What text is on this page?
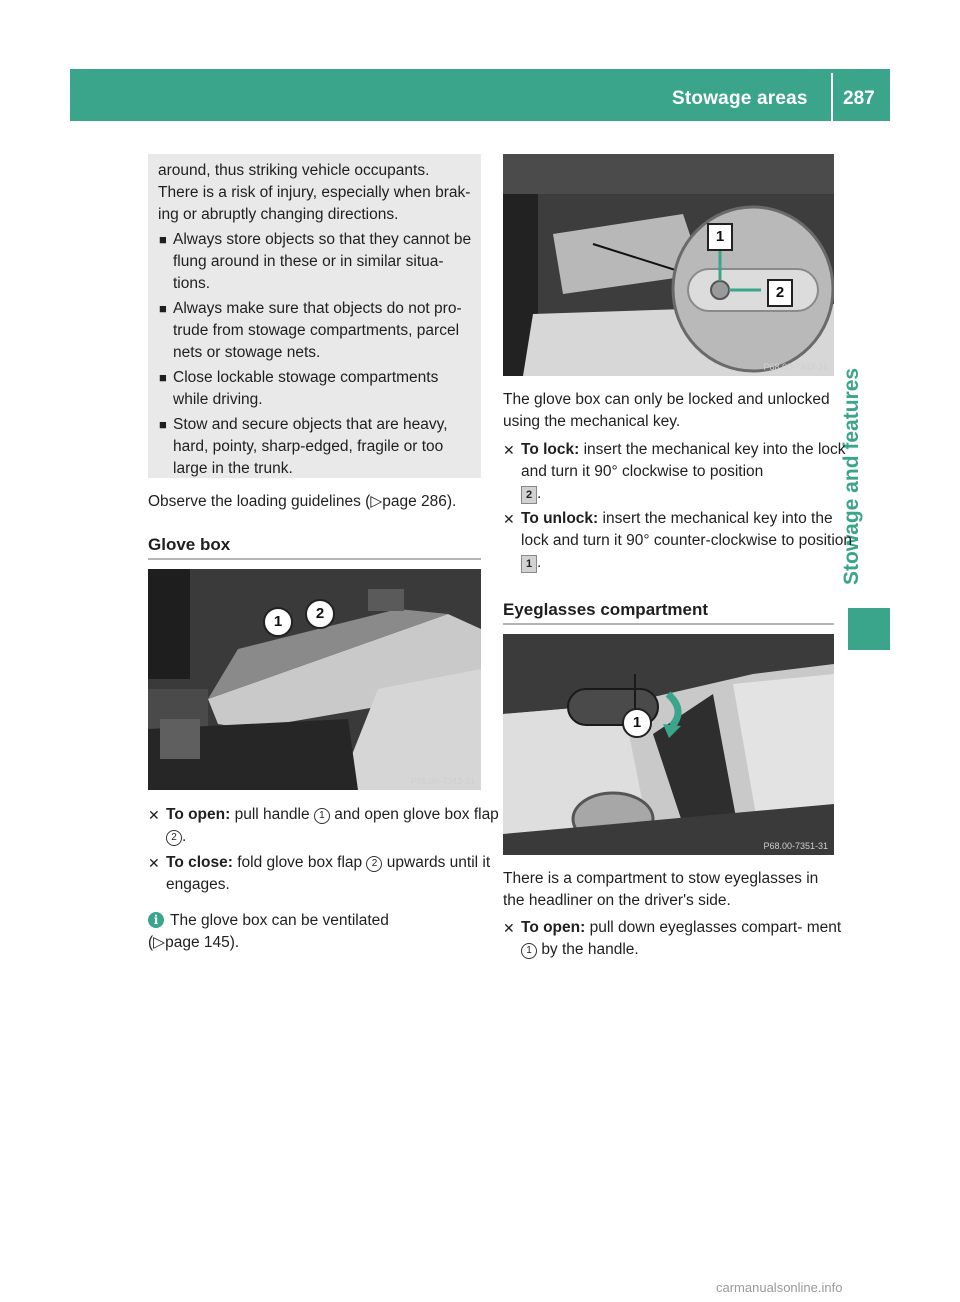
Stowage areas 287
Stowage and features

around, thus striking vehicle occupants. There is a risk of injury, especially when brak- ing or abruptly changing directions.

■ Always store objects so that they cannot be flung around in these or in similar situa- tions.
■ Always make sure that objects do not pro- trude from stowage compartments, parcel nets or stowage nets.
■ Close lockable stowage compartments while driving.
■ Stow and secure objects that are heavy, hard, pointy, sharp-edged, fragile or too large in the trunk.

Observe the loading guidelines (▷page 286).

Glove box
1	2
P68.00-7342-31
✕ To open: pull handle 1 and open glove box flap 2 .
✕ To close: fold glove box flap 2 upwards until it engages.
i The glove box can be ventilated
(▷page 145).
1
2
P68.00-7343-31

The glove box can only be locked and unlocked using the mechanical key.

✕ To lock: insert the mechanical key into the lock and turn it 90° clockwise to position
2 .
✕ To unlock: insert the mechanical key into the lock and turn it 90° counter-clockwise to position 1 .
Eyeglasses compartment
1
P68.00-7351-31

There is a compartment to stow eyeglasses in the headliner on the driver's side.

✕ To open: pull down eyeglasses compart- ment 1 by the handle.
carmanualsonline.info
